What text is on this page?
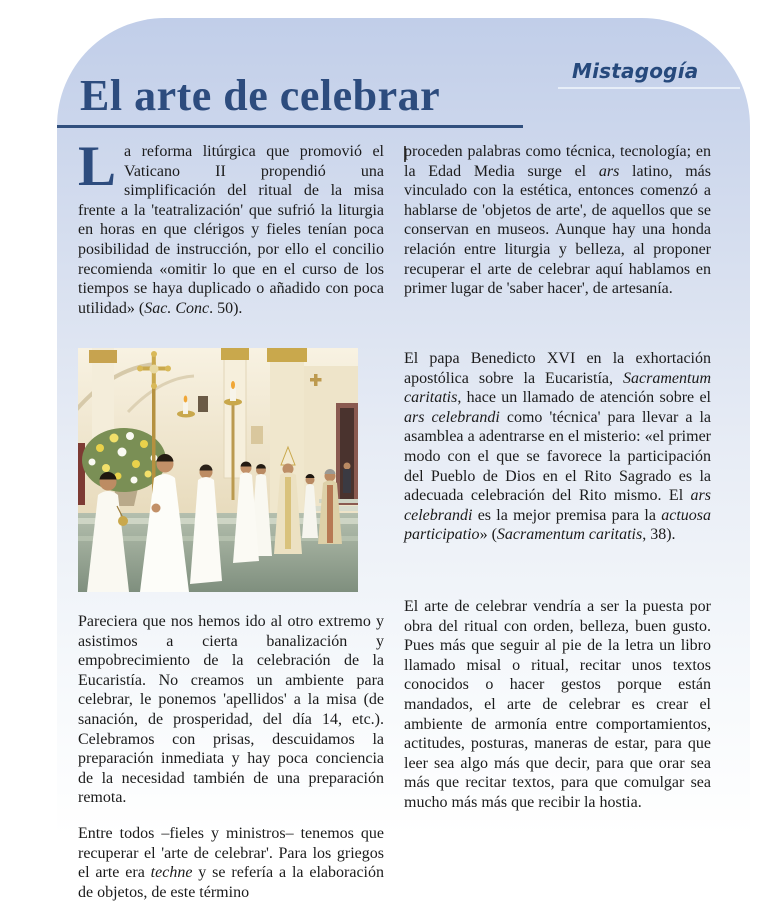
Mistagogía
El arte de celebrar

La reforma litúrgica que promovió el Vaticano II propendió una simplificación del ritual de la misa frente a la 'teatralización' que sufrió la liturgia en horas en que clérigos y fieles tenían poca posibilidad de instrucción, por ello el concilio recomienda «omitir lo que en el curso de los tiempos se haya duplicado o añadido con poca utilidad» (Sac. Conc. 50).

Pareciera que nos hemos ido al otro extremo y asistimos a cierta banalización y empobrecimiento de la celebración de la Eucaristía. No creamos un ambiente para celebrar, le ponemos 'apellidos' a la misa (de sanación, de prosperidad, del día 14, etc.). Celebramos con prisas, descuidamos la preparación inmediata y hay poca conciencia de la necesidad también de una preparación remota.

Entre todos –fieles y ministros– tenemos que recuperar el 'arte de celebrar'. Para los griegos el arte era techne y se refería a la elaboración de objetos, de este término

proceden palabras como técnica, tecnología; en la Edad Media surge el ars latino, más vinculado con la estética, entonces comenzó a hablarse de 'objetos de arte', de aquellos que se conservan en museos. Aunque hay una honda relación entre liturgia y belleza, al proponer recuperar el arte de celebrar aquí hablamos en primer lugar de 'saber hacer', de artesanía.

El papa Benedicto XVI en la exhortación apostólica sobre la Eucaristía, Sacramentum caritatis, hace un llamado de atención sobre el ars celebrandi como 'técnica' para llevar a la asamblea a adentrarse en el misterio: «el primer modo con el que se favorece la participación del Pueblo de Dios en el Rito Sagrado es la adecuada celebración del Rito mismo. El ars celebrandi es la mejor premisa para la actuosa participatio» (Sacramentum caritatis, 38).

El arte de celebrar vendría a ser la puesta por obra del ritual con orden, belleza, buen gusto. Pues más que seguir al pie de la letra un libro llamado misal o ritual, recitar unos textos conocidos o hacer gestos porque están mandados, el arte de celebrar es crear el ambiente de armonía entre comportamientos, actitudes, posturas, maneras de estar, para que leer sea algo más que decir, para que orar sea más que recitar textos, para que comulgar sea mucho más más que recibir la hostia.
